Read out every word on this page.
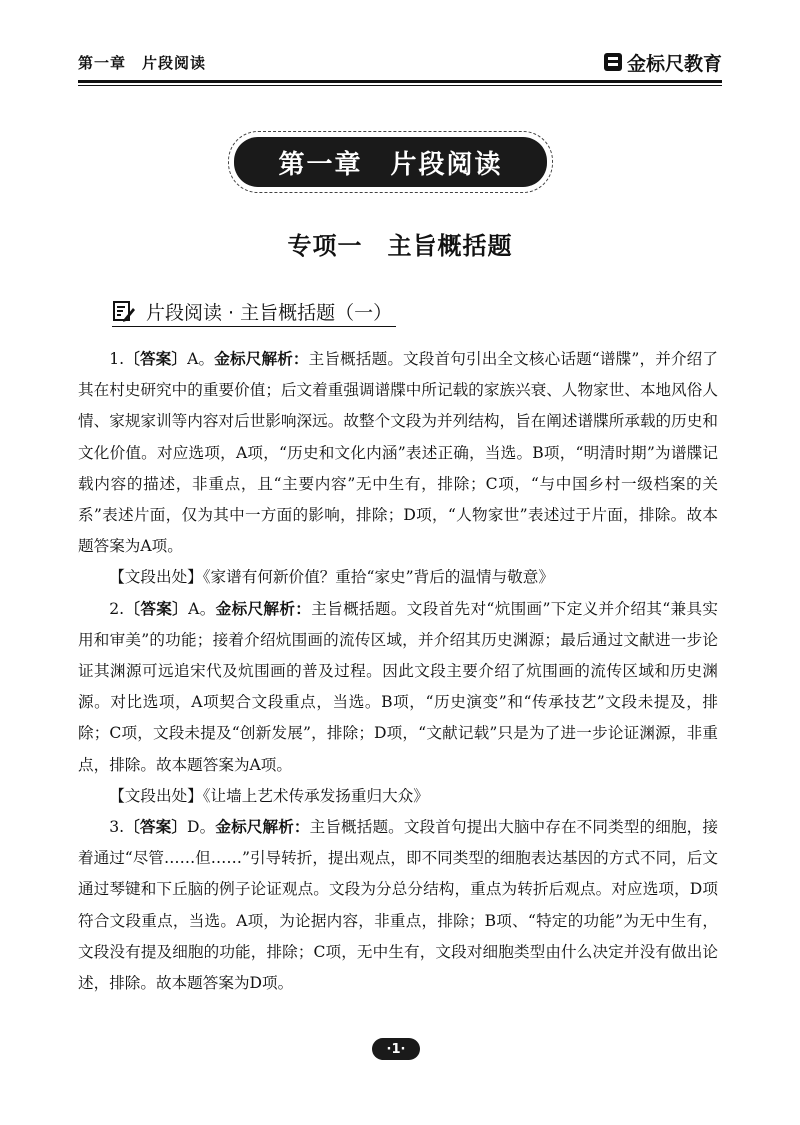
第一章　片段阅读	金标尺教育
第一章　片段阅读
专项一　主旨概括题
片段阅读 · 主旨概括题（一）

1.〔答案〕A。金标尺解析：主旨概括题。文段首句引出全文核心话题“谱牒”，并介绍了其在村史研究中的重要价值；后文着重强调谱牒中所记载的家族兴衰、人物家世、本地风俗人情、家规家训等内容对后世影响深远。故整个文段为并列结构，旨在阐述谱牒所承载的历史和文化价值。对应选项，A项，“历史和文化内涵”表述正确，当选。B项，“明清时期”为谱牒记载内容的描述，非重点，且“主要内容”无中生有，排除；C项，“与中国乡村一级档案的关系”表述片面，仅为其中一方面的影响，排除；D项，“人物家世”表述过于片面，排除。故本题答案为A项。

【文段出处】《家谱有何新价值？重拾“家史”背后的温情与敬意》

2.〔答案〕A。金标尺解析：主旨概括题。文段首先对“炕围画”下定义并介绍其“兼具实用和审美”的功能；接着介绍炕围画的流传区域，并介绍其历史渊源；最后通过文献进一步论证其渊源可远追宋代及炕围画的普及过程。因此文段主要介绍了炕围画的流传区域和历史渊源。对比选项，A项契合文段重点，当选。B项，“历史演变”和“传承技艺”文段未提及，排除；C项，文段未提及“创新发展”，排除；D项，“文献记载”只是为了进一步论证渊源，非重点，排除。故本题答案为A项。

【文段出处】《让墙上艺术传承发扬重归大众》

3.〔答案〕D。金标尺解析：主旨概括题。文段首句提出大脑中存在不同类型的细胞，接着通过“尽管……但……”引导转折，提出观点，即不同类型的细胞表达基因的方式不同，后文通过琴键和下丘脑的例子论证观点。文段为分总分结构，重点为转折后观点。对应选项，D项符合文段重点，当选。A项，为论据内容，非重点，排除；B项、“特定的功能”为无中生有，文段没有提及细胞的功能，排除；C项，无中生有，文段对细胞类型由什么决定并没有做出论述，排除。故本题答案为D项。

·1·
